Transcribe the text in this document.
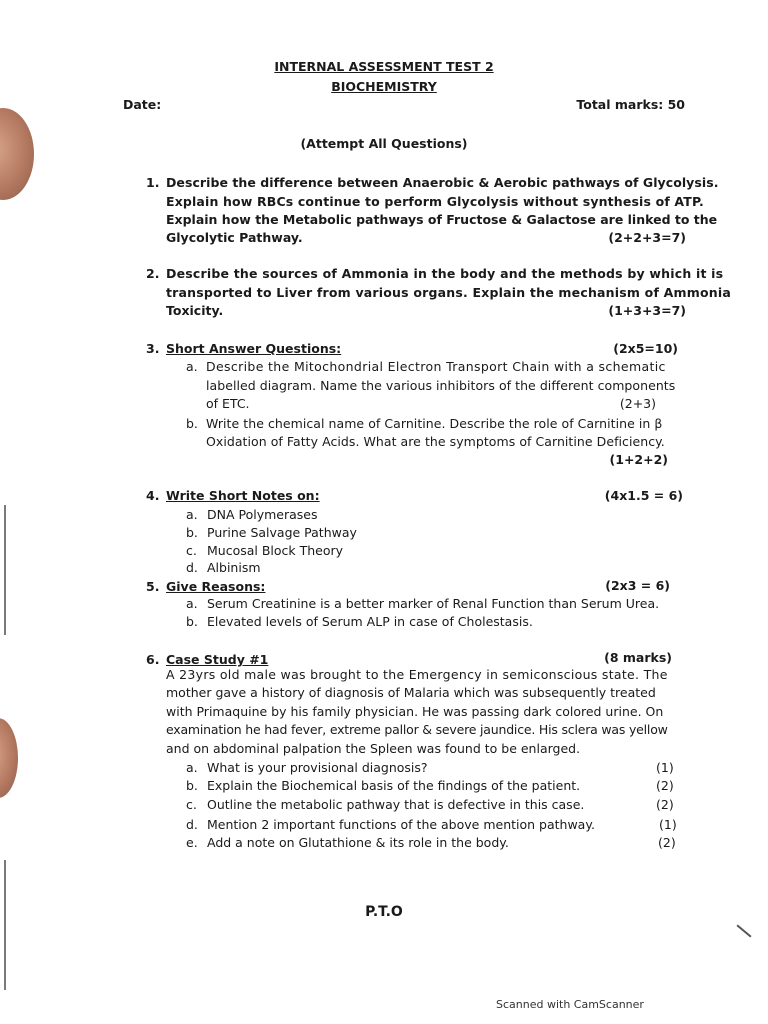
INTERNAL ASSESSMENT TEST 2
BIOCHEMISTRY
Date:	Total marks: 50
(Attempt All Questions)
1. Describe the difference between Anaerobic & Aerobic pathways of Glycolysis.
Explain how RBCs continue to perform Glycolysis without synthesis of ATP.
Explain how the Metabolic pathways of Fructose & Galactose are linked to the
Glycolytic Pathway.	(2+2+3=7)
2. Describe the sources of Ammonia in the body and the methods by which it is
transported to Liver from various organs. Explain the mechanism of Ammonia
Toxicity.	(1+3+3=7)
3. Short Answer Questions:	(2x5=10)
a. Describe the Mitochondrial Electron Transport Chain with a schematic
labelled diagram. Name the various inhibitors of the different components
of ETC.	(2+3)
b. Write the chemical name of Carnitine. Describe the role of Carnitine in β
Oxidation of Fatty Acids. What are the symptoms of Carnitine Deficiency.
(1+2+2)
4. Write Short Notes on:	(4x1.5 = 6)
a. DNA Polymerases
b. Purine Salvage Pathway
c. Mucosal Block Theory
d. Albinism
5. Give Reasons:	(2x3 = 6)
a. Serum Creatinine is a better marker of Renal Function than Serum Urea.
b. Elevated levels of Serum ALP in case of Cholestasis.
6. Case Study #1	(8 marks)
A 23yrs old male was brought to the Emergency in semiconscious state. The
mother gave a history of diagnosis of Malaria which was subsequently treated
with Primaquine by his family physician. He was passing dark colored urine. On
examination he had fever, extreme pallor & severe jaundice. His sclera was yellow
and on abdominal palpation the Spleen was found to be enlarged.
a. What is your provisional diagnosis?	(1)
b. Explain the Biochemical basis of the findings of the patient.	(2)
c. Outline the metabolic pathway that is defective in this case.	(2)
d. Mention 2 important functions of the above mention pathway.	(1)
e. Add a note on Glutathione & its role in the body.	(2)
P.T.O
Scanned with CamScanner
